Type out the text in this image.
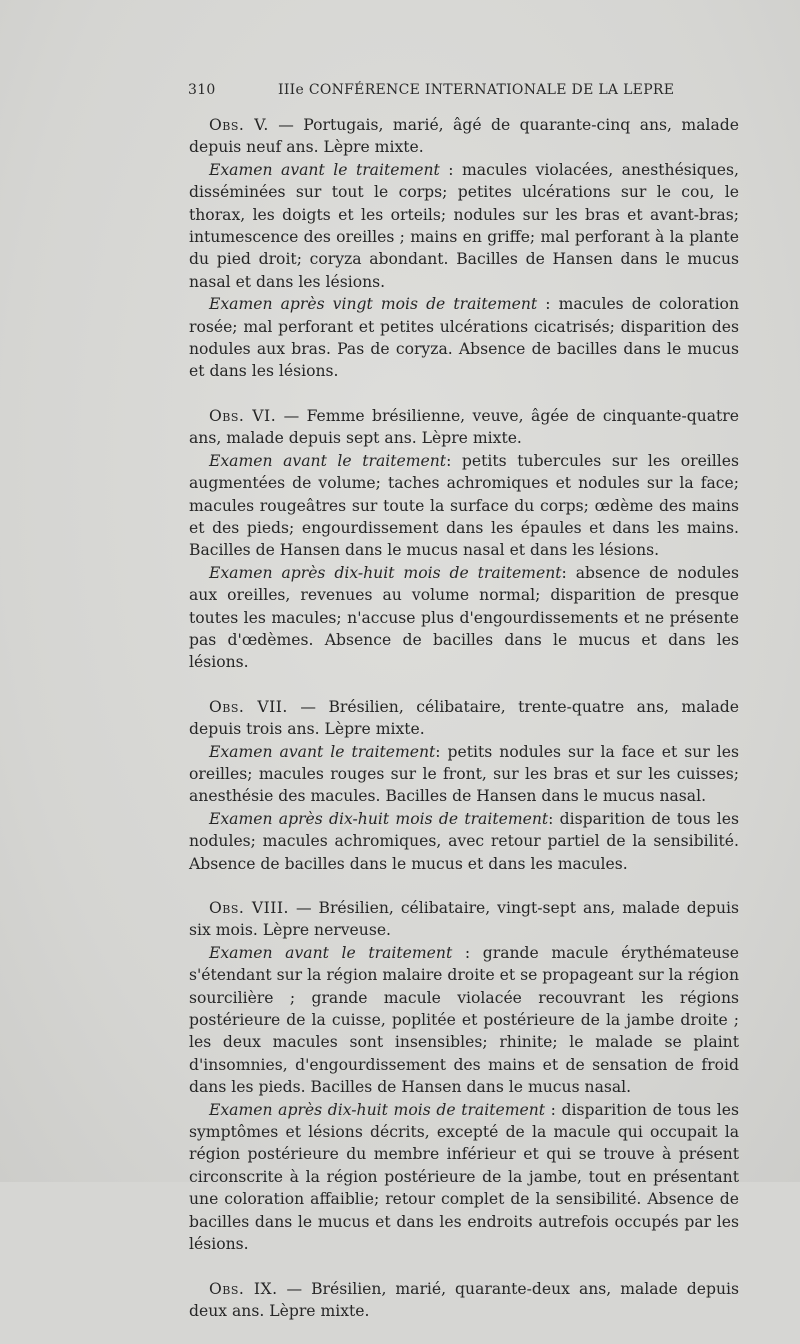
310	IIIe CONFÉRENCE INTERNATIONALE DE LA LEPRE

Obs. V. — Portugais, marié, âgé de quarante-cinq ans, malade depuis neuf ans. Lèpre mixte.

Examen avant le traitement : macules violacées, anesthésiques, disséminées sur tout le corps; petites ulcérations sur le cou, le thorax, les doigts et les orteils; nodules sur les bras et avant-bras; intumescence des oreilles ; mains en griffe; mal perforant à la plante du pied droit; coryza abondant. Bacilles de Hansen dans le mucus nasal et dans les lésions.

Examen après vingt mois de traitement : macules de coloration rosée; mal perforant et petites ulcérations cicatrisés; disparition des nodules aux bras. Pas de coryza. Absence de bacilles dans le mucus et dans les lésions.

Obs. VI. — Femme brésilienne, veuve, âgée de cinquante-quatre ans, malade depuis sept ans. Lèpre mixte.

Examen avant le traitement: petits tubercules sur les oreilles augmentées de volume; taches achromiques et nodules sur la face; macules rougeâtres sur toute la surface du corps; œdème des mains et des pieds; engourdissement dans les épaules et dans les mains. Bacilles de Hansen dans le mucus nasal et dans les lésions.

Examen après dix-huit mois de traitement: absence de nodules aux oreilles, revenues au volume normal; disparition de presque toutes les macules; n'accuse plus d'engourdissements et ne présente pas d'œdèmes. Absence de bacilles dans le mucus et dans les lésions.

Obs. VII. — Brésilien, célibataire, trente-quatre ans, malade depuis trois ans. Lèpre mixte.

Examen avant le traitement: petits nodules sur la face et sur les oreilles; macules rouges sur le front, sur les bras et sur les cuisses; anesthésie des macules. Bacilles de Hansen dans le mucus nasal.

Examen après dix-huit mois de traitement: disparition de tous les nodules; macules achromiques, avec retour partiel de la sensibilité. Absence de bacilles dans le mucus et dans les macules.

Obs. VIII. — Brésilien, célibataire, vingt-sept ans, malade depuis six mois. Lèpre nerveuse.

Examen avant le traitement : grande macule érythémateuse s'étendant sur la région malaire droite et se propageant sur la région sourcilière ; grande macule violacée recouvrant les régions postérieure de la cuisse, poplitée et postérieure de la jambe droite ; les deux macules sont insensibles; rhinite; le malade se plaint d'insomnies, d'engourdissement des mains et de sensation de froid dans les pieds. Bacilles de Hansen dans le mucus nasal.

Examen après dix-huit mois de traitement : disparition de tous les symptômes et lésions décrits, excepté de la macule qui occupait la région postérieure du membre inférieur et qui se trouve à présent circonscrite à la région postérieure de la jambe, tout en présentant une coloration affaiblie; retour complet de la sensibilité. Absence de bacilles dans le mucus et dans les endroits autrefois occupés par les lésions.

Obs. IX. — Brésilien, marié, quarante-deux ans, malade depuis deux ans. Lèpre mixte.
